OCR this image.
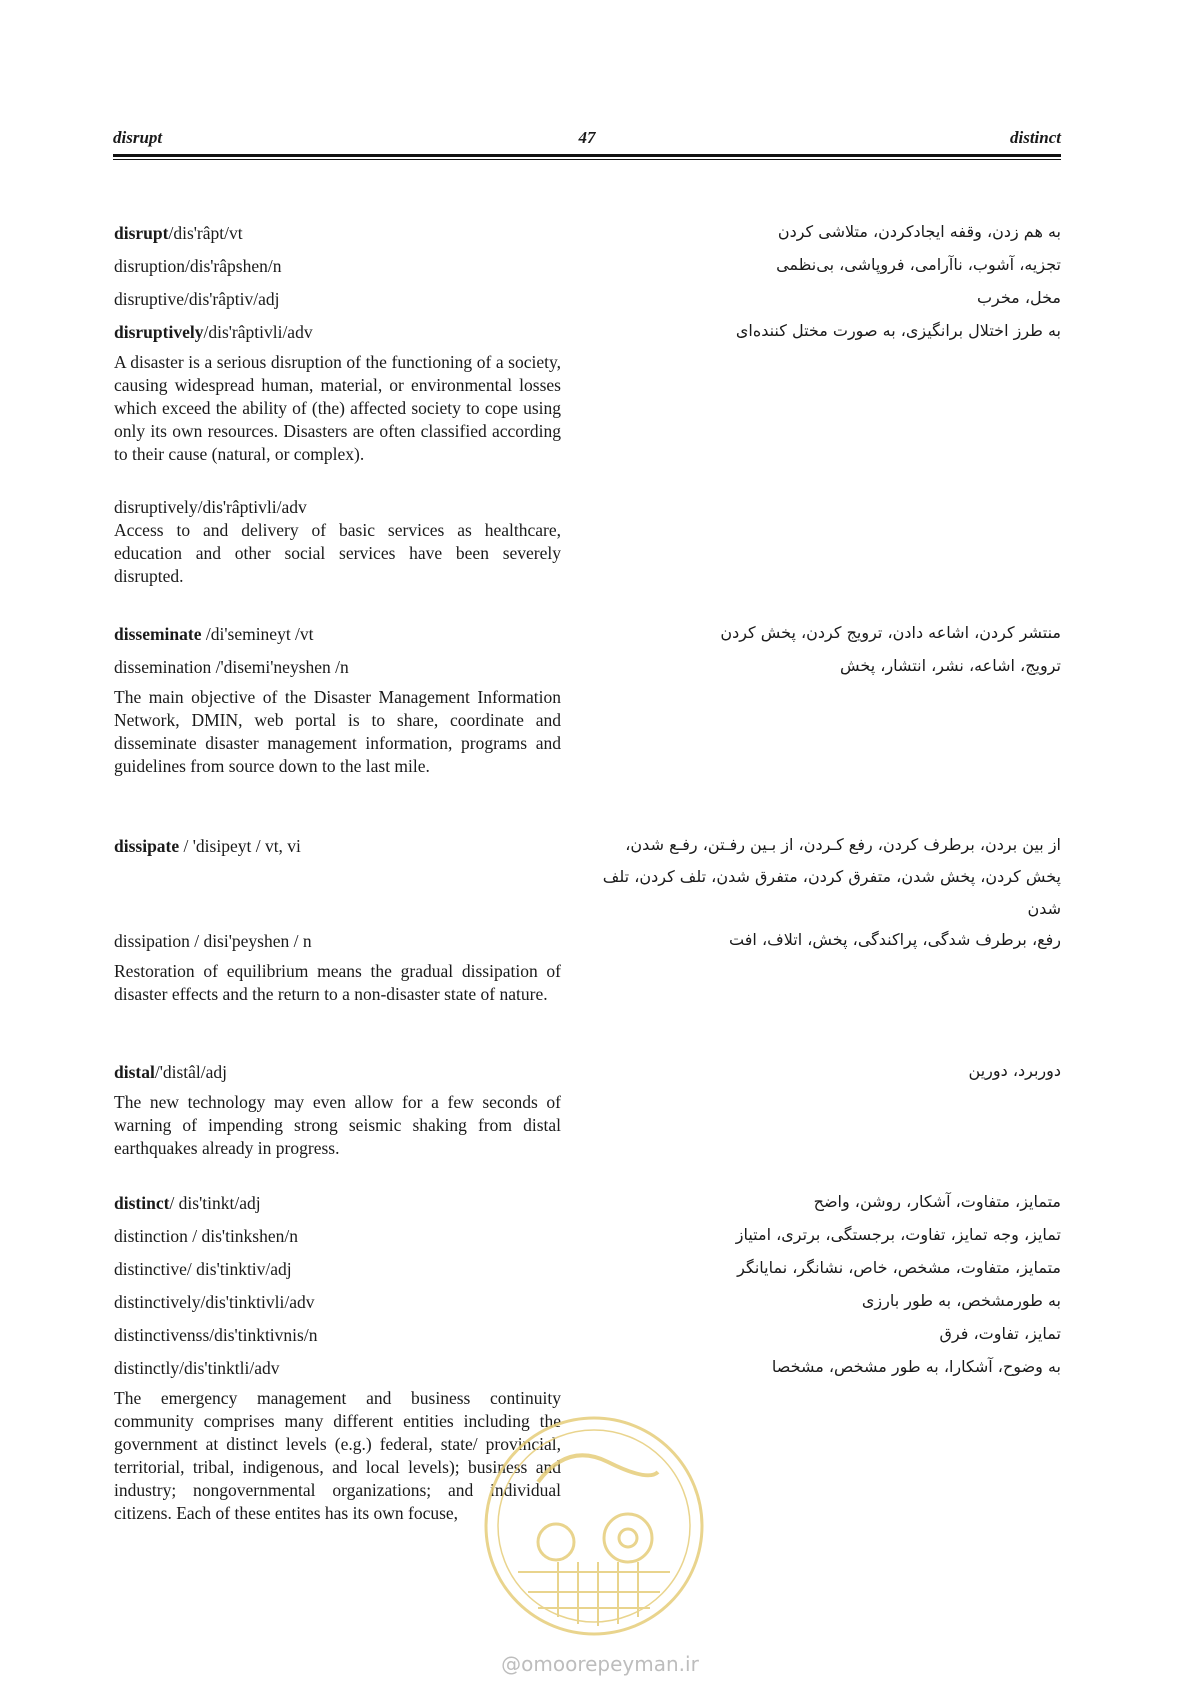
disrupt	47	distinct
disrupt/dis'râpt/vt	به هم زدن، وقفه ایجادکردن، متلاشی کردن
disruption/dis'râpshen/n	تجزیه، آشوب، ناآرامی، فروپاشی، بی‌نظمی
disruptive/dis'râptiv/adj	مخل، مخرب
disruptively/dis'râptivli/adv	به طرز اختلال برانگیزی، به صورت مختل کننده‌ای
A disaster is a serious disruption of the functioning of a society, causing widespread human, material, or environmental losses which exceed the ability of (the) affected society to cope using only its own resources. Disasters are often classified according to their cause (natural, or complex).
disruptively/dis'râptivli/adv
Access to and delivery of basic services as healthcare, education and other social services have been severely disrupted.
disseminate /di'semineyt /vt	منتشر کردن، اشاعه دادن، ترویج کردن، پخش کردن
dissemination /'disemi'neyshen /n	ترویج، اشاعه، نشر، انتشار، پخش
The main objective of the Disaster Management Information Network, DMIN, web portal is to share, coordinate and disseminate disaster management information, programs and guidelines from source down to the last mile.
dissipate / 'disipeyt / vt, vi	از بین بردن، برطرف کردن، رفع کـردن، از بـین رفـتن، رفـع شدن، پخش کردن، پخش شدن، متفرق کردن، متفرق شدن، تلف کردن، تلف شدن
dissipation / disi'peyshen / n	رفع، برطرف شدگی، پراکندگی، پخش، اتلاف، افت
Restoration of equilibrium means the gradual dissipation of disaster effects and the return to a non-disaster state of nature.
distal/'distâl/adj	دوربرد، دورین
The new technology may even allow for a few seconds of warning of impending strong seismic shaking from distal earthquakes already in progress.
distinct/ dis'tinkt/adj	متمایز، متفاوت، آشکار، روشن، واضح
distinction / dis'tinkshen/n	تمایز، وجه تمایز، تفاوت، برجستگی، برتری، امتیاز
distinctive/ dis'tinktiv/adj	متمایز، متفاوت، مشخص، خاص، نشانگر، نمایانگر
distinctively/dis'tinktivli/adv	به طورمشخص، به طور بارزی
distinctivenss/dis'tinktivnis/n	تمایز، تفاوت، فرق
distinctly/dis'tinktli/adv	به وضوح، آشکارا، به طور مشخص، مشخصا
The emergency management and business continuity community comprises many different entities including the government at distinct levels (e.g.) federal, state/ provincial, territorial, tribal, indigenous, and local levels); business and industry; nongovernmental organizations; and individual citizens. Each of these entites has its own focuse,
@omoorepeyman.ir
